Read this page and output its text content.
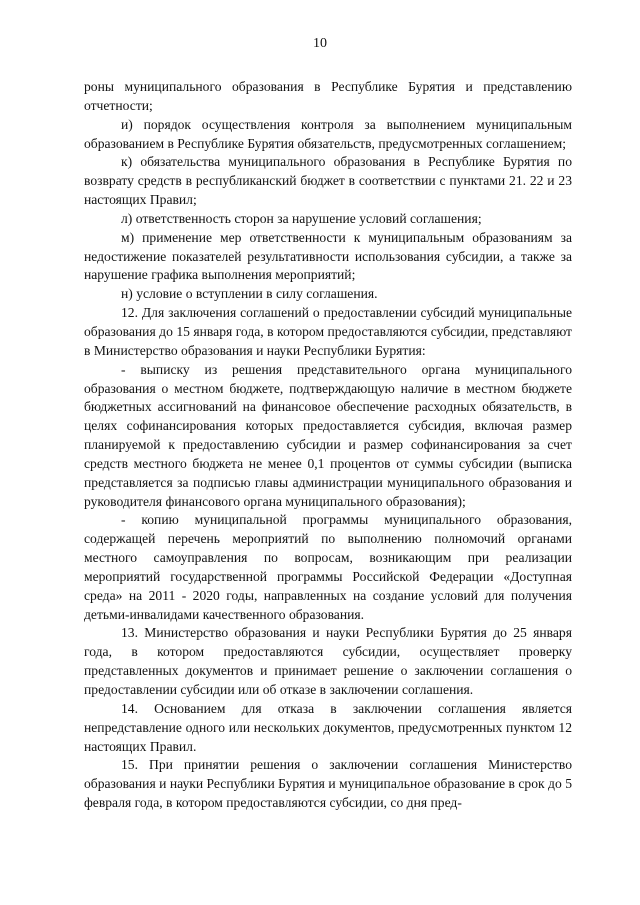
10

роны муниципального образования в Республике Бурятия и представлению отчетности;

и) порядок осуществления контроля за выполнением муниципальным образованием в Республике Бурятия обязательств, предусмотренных соглашением;

к) обязательства муниципального образования в Республике Бурятия по возврату средств в республиканский бюджет в соответствии с пунктами 21. 22 и 23 настоящих Правил;

л) ответственность сторон за нарушение условий соглашения;

м) применение мер ответственности к муниципальным образованиям за недостижение показателей результативности использования субсидии, а также за нарушение графика выполнения мероприятий;

н) условие о вступлении в силу соглашения.

12. Для заключения соглашений о предоставлении субсидий муниципальные образования до 15 января года, в котором предоставляются субсидии, представляют в Министерство образования и науки Республики Бурятия:

- выписку из решения представительного органа муниципального образования о местном бюджете, подтверждающую наличие в местном бюджете бюджетных ассигнований на финансовое обеспечение расходных обязательств, в целях софинансирования которых предоставляется субсидия, включая размер планируемой к предоставлению субсидии и размер софинансирования за счет средств местного бюджета не менее 0,1 процентов от суммы субсидии (выписка представляется за подписью главы администрации муниципального образования и руководителя финансового органа муниципального образования);

- копию муниципальной программы муниципального образования, содержащей перечень мероприятий по выполнению полномочий органами местного самоуправления по вопросам, возникающим при реализации мероприятий государственной программы Российской Федерации «Доступная среда» на 2011 - 2020 годы, направленных на создание условий для получения детьми-инвалидами качественного образования.

13. Министерство образования и науки Республики Бурятия до 25 января года, в котором предоставляются субсидии, осуществляет проверку представленных документов и принимает решение о заключении соглашения о предоставлении субсидии или об отказе в заключении соглашения.

14. Основанием для отказа в заключении соглашения является непредставление одного или нескольких документов, предусмотренных пунктом 12 настоящих Правил.

15. При принятии решения о заключении соглашения Министерство образования и науки Республики Бурятия и муниципальное образование в срок до 5 февраля года, в котором предоставляются субсидии, со дня пред-
